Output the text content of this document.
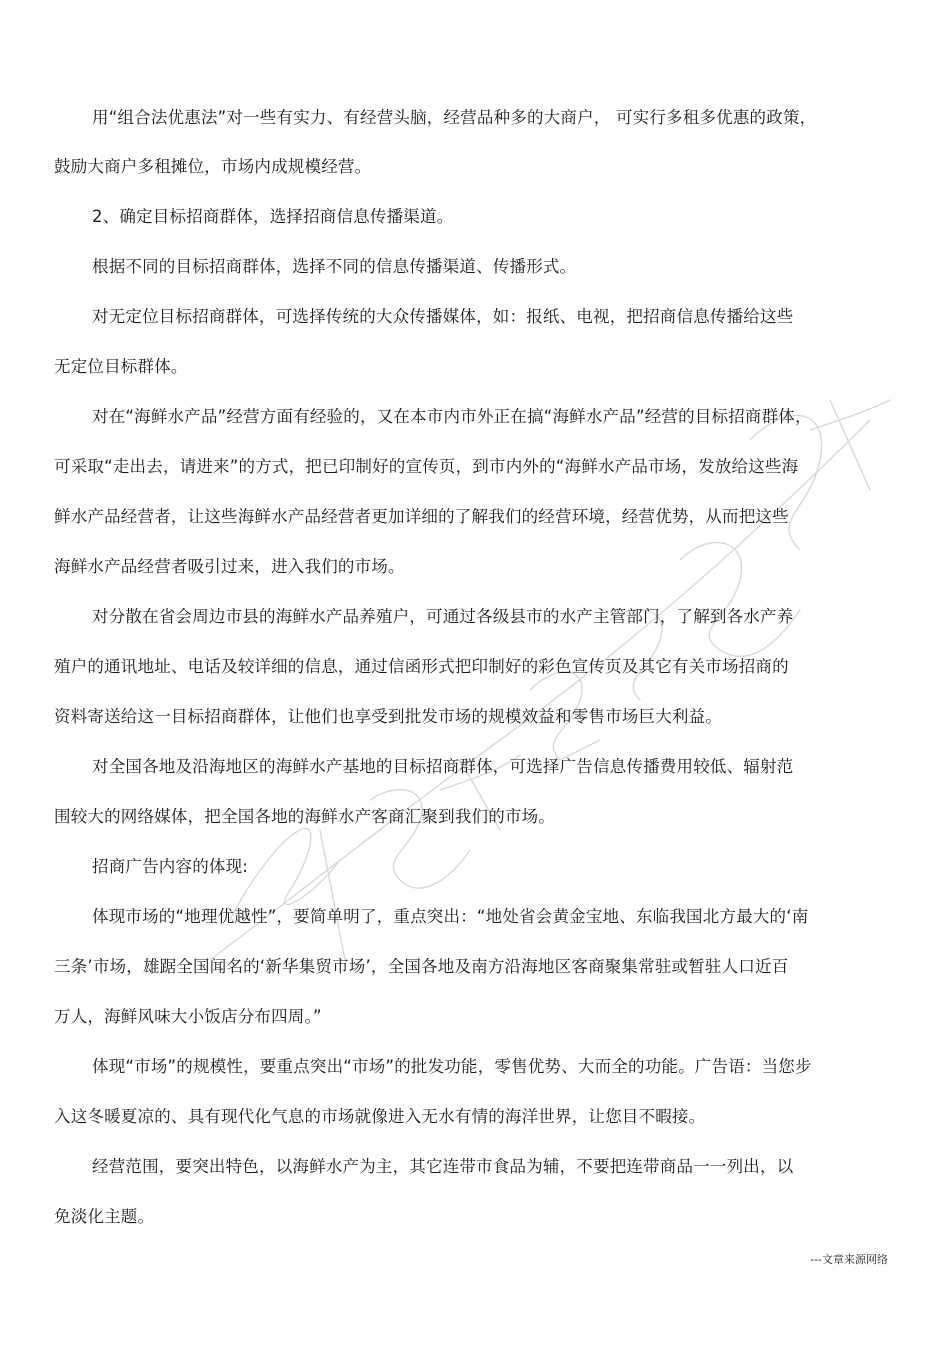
用“组合法优惠法”对一些有实力、有经营头脑，经营品种多的大商户， 可实行多租多优惠的政策，
鼓励大商户多租摊位，市场内成规模经营。
2、确定目标招商群体，选择招商信息传播渠道。
根据不同的目标招商群体，选择不同的信息传播渠道、传播形式。
对无定位目标招商群体，可选择传统的大众传播媒体，如：报纸、电视，把招商信息传播给这些
无定位目标群体。
对在“海鲜水产品”经营方面有经验的，又在本市内市外正在搞“海鲜水产品”经营的目标招商群体，
可采取“走出去，请进来”的方式，把已印制好的宣传页，到市内外的“海鲜水产品市场，发放给这些海
鲜水产品经营者，让这些海鲜水产品经营者更加详细的了解我们的经营环境，经营优势，从而把这些
海鲜水产品经营者吸引过来，进入我们的市场。
对分散在省会周边市县的海鲜水产品养殖户，可通过各级县市的水产主管部门，了解到各水产养
殖户的通讯地址、电话及较详细的信息，通过信函形式把印制好的彩色宣传页及其它有关市场招商的
资料寄送给这一目标招商群体，让他们也享受到批发市场的规模效益和零售市场巨大利益。
对全国各地及沿海地区的海鲜水产基地的目标招商群体，可选择广告信息传播费用较低、辐射范
围较大的网络媒体，把全国各地的海鲜水产客商汇聚到我们的市场。
招商广告内容的体现:
体现市场的“地理优越性”，要简单明了，重点突出：“地处省会黄金宝地、东临我国北方最大的‘南
三条’市场，雄踞全国闻名的‘新华集贸市场’，全国各地及南方沿海地区客商聚集常驻或暂驻人口近百
万人，海鲜风味大小饭店分布四周。”
体现“市场”的规模性，要重点突出“市场”的批发功能，零售优势、大而全的功能。广告语：当您步
入这冬暖夏凉的、具有现代化气息的市场就像进入无水有情的海洋世界，让您目不暇接。
经营范围，要突出特色，以海鲜水产为主，其它连带市食品为辅，不要把连带商品一一列出，以
免淡化主题。
---文章来源网络
